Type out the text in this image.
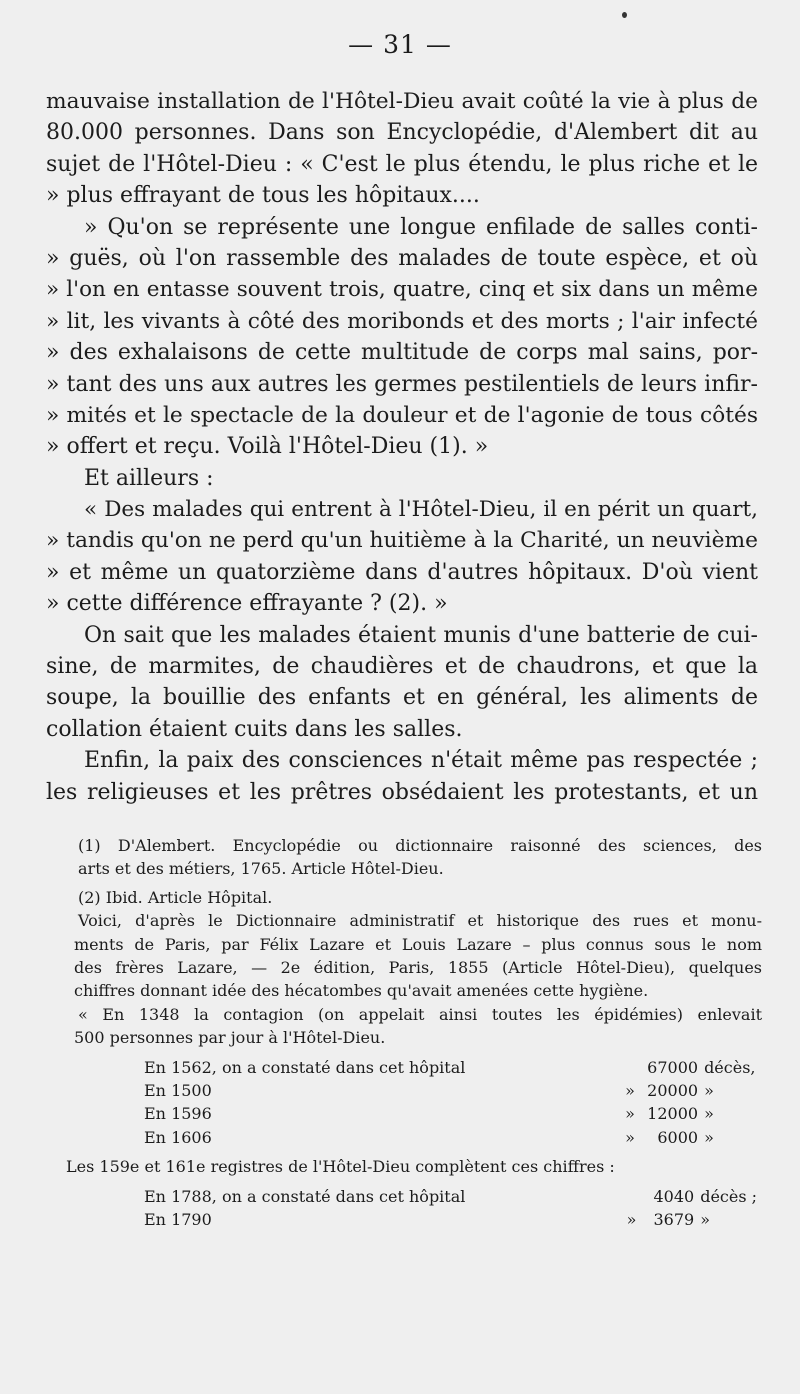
— 31 —
mauvaise installation de l'Hôtel-Dieu avait coûté la vie à plus de
80.000 personnes. Dans son Encyclopédie, d'Alembert dit au
sujet de l'Hôtel-Dieu : « C'est le plus étendu, le plus riche et le
» plus effrayant de tous les hôpitaux....
» Qu'on se représente une longue enfilade de salles conti-
» guës, où l'on rassemble des malades de toute espèce, et où
» l'on en entasse souvent trois, quatre, cinq et six dans un même
» lit, les vivants à côté des moribonds et des morts ; l'air infecté
» des exhalaisons de cette multitude de corps mal sains, por-
» tant des uns aux autres les germes pestilentiels de leurs infir-
» mités et le spectacle de la douleur et de l'agonie de tous côtés
» offert et reçu. Voilà l'Hôtel-Dieu (1). »
Et ailleurs :
« Des malades qui entrent à l'Hôtel-Dieu, il en périt un quart,
» tandis qu'on ne perd qu'un huitième à la Charité, un neuvième
» et même un quatorzième dans d'autres hôpitaux. D'où vient
» cette différence effrayante ? (2). »
On sait que les malades étaient munis d'une batterie de cui-
sine, de marmites, de chaudières et de chaudrons, et que la
soupe, la bouillie des enfants et en général, les aliments de
collation étaient cuits dans les salles.
Enfin, la paix des consciences n'était même pas respectée ;
les religieuses et les prêtres obsédaient les protestants, et un
(1) D'Alembert. Encyclopédie ou dictionnaire raisonné des sciences, des
arts et des métiers, 1765. Article Hôtel-Dieu.
(2) Ibid. Article Hôpital.
Voici, d'après le Dictionnaire administratif et historique des rues et monu-
ments de Paris, par Félix Lazare et Louis Lazare – plus connus sous le nom
des frères Lazare, — 2e édition, Paris, 1855 (Article Hôtel-Dieu), quelques
chiffres donnant idée des hécatombes qu'avait amenées cette hygiène.
« En 1348 la contagion (on appelait ainsi toutes les épidémies) enlevait
500 personnes par jour à l'Hôtel-Dieu.
En 1562, on a constaté dans cet hôpital		67000	décès,
En 1500	»	20000	»
En 1596	»	12000	»
En 1606	»	6000	»
Les 159e et 161e registres de l'Hôtel-Dieu complètent ces chiffres :
En 1788, on a constaté dans cet hôpital		4040	décès ;
En 1790	»	3679	»
